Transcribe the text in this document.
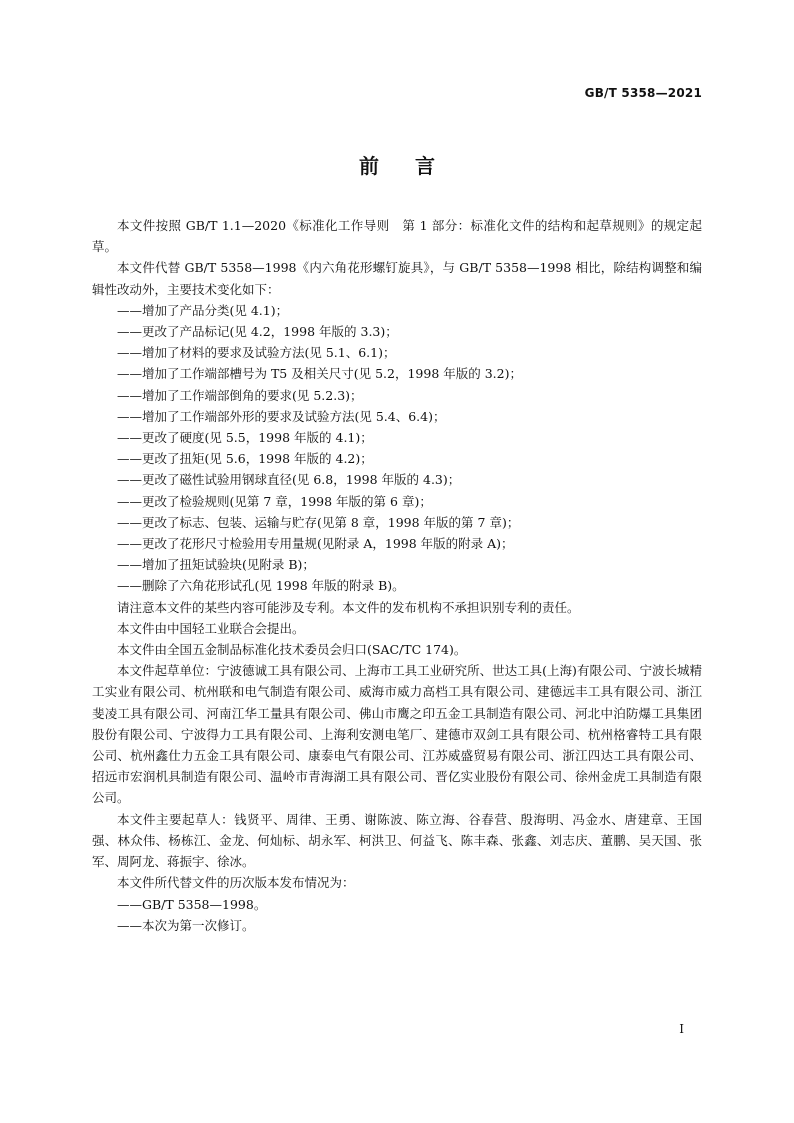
GB/T 5358—2021
前言

本文件按照 GB/T 1.1—2020《标准化工作导则　第 1 部分：标准化文件的结构和起草规则》的规定起草。

本文件代替 GB/T 5358—1998《内六角花形螺钉旋具》，与 GB/T 5358—1998 相比，除结构调整和编辑性改动外，主要技术变化如下：

——增加了产品分类(见 4.1)；

——更改了产品标记(见 4.2，1998 年版的 3.3)；

——增加了材料的要求及试验方法(见 5.1、6.1)；

——增加了工作端部槽号为 T5 及相关尺寸(见 5.2，1998 年版的 3.2)；

——增加了工作端部倒角的要求(见 5.2.3)；

——增加了工作端部外形的要求及试验方法(见 5.4、6.4)；

——更改了硬度(见 5.5，1998 年版的 4.1)；

——更改了扭矩(见 5.6，1998 年版的 4.2)；

——更改了磁性试验用钢球直径(见 6.8，1998 年版的 4.3)；

——更改了检验规则(见第 7 章，1998 年版的第 6 章)；

——更改了标志、包装、运输与贮存(见第 8 章，1998 年版的第 7 章)；

——更改了花形尺寸检验用专用量规(见附录 A，1998 年版的附录 A)；

——增加了扭矩试验块(见附录 B)；

——删除了六角花形试孔(见 1998 年版的附录 B)。

请注意本文件的某些内容可能涉及专利。本文件的发布机构不承担识别专利的责任。

本文件由中国轻工业联合会提出。

本文件由全国五金制品标准化技术委员会归口(SAC/TC 174)。

本文件起草单位：宁波德诚工具有限公司、上海市工具工业研究所、世达工具(上海)有限公司、宁波长城精工实业有限公司、杭州联和电气制造有限公司、威海市威力高档工具有限公司、建德远丰工具有限公司、浙江斐凌工具有限公司、河南江华工量具有限公司、佛山市鹰之印五金工具制造有限公司、河北中泊防爆工具集团股份有限公司、宁波得力工具有限公司、上海利安测电笔厂、建德市双剑工具有限公司、杭州格睿特工具有限公司、杭州鑫仕力五金工具有限公司、康泰电气有限公司、江苏威盛贸易有限公司、浙江四达工具有限公司、招远市宏润机具制造有限公司、温岭市青海湖工具有限公司、晋亿实业股份有限公司、徐州金虎工具制造有限公司。

本文件主要起草人：钱贤平、周律、王勇、谢陈波、陈立海、谷春营、殷海明、冯金水、唐建章、王国强、林众伟、杨栋江、金龙、何灿标、胡永军、柯洪卫、何益飞、陈丰森、张鑫、刘志庆、董鹏、吴天国、张军、周阿龙、蒋振宇、徐冰。

本文件所代替文件的历次版本发布情况为：

——GB/T 5358—1998。

——本次为第一次修订。

I
